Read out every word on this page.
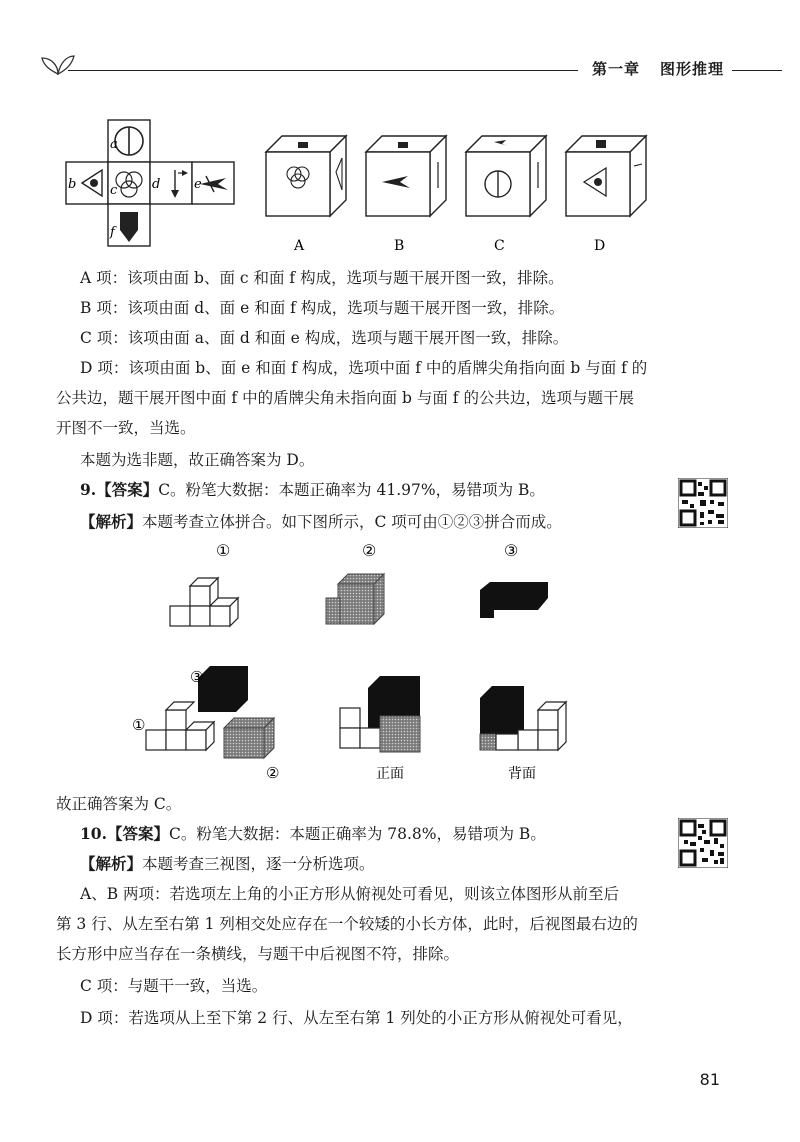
第一章 图形推理
a
b	c	d	e
f
A	B	C	D
A 项：该项由面 b、面 c 和面 f 构成，选项与题干展开图一致，排除。
B 项：该项由面 d、面 e 和面 f 构成，选项与题干展开图一致，排除。
C 项：该项由面 a、面 d 和面 e 构成，选项与题干展开图一致，排除。
D 项：该项由面 b、面 e 和面 f 构成，选项中面 f 中的盾牌尖角指向面 b 与面 f 的
公共边，题干展开图中面 f 中的盾牌尖角未指向面 b 与面 f 的公共边，选项与题干展
开图不一致，当选。
本题为选非题，故正确答案为 D。
9.【答案】C。粉笔大数据：本题正确率为 41.97%，易错项为 B。
【解析】本题考查立体拼合。如下图所示，C 项可由①②③拼合而成。
①	②	③
③
①
②	正面	背面
故正确答案为 C。
10.【答案】C。粉笔大数据：本题正确率为 78.8%，易错项为 B。
【解析】本题考查三视图，逐一分析选项。
A、B 两项：若选项左上角的小正方形从俯视处可看见，则该立体图形从前至后
第 3 行、从左至右第 1 列相交处应存在一个较矮的小长方体，此时，后视图最右边的
长方形中应当存在一条横线，与题干中后视图不符，排除。
C 项：与题干一致，当选。
D 项：若选项从上至下第 2 行、从左至右第 1 列处的小正方形从俯视处可看见，
81
